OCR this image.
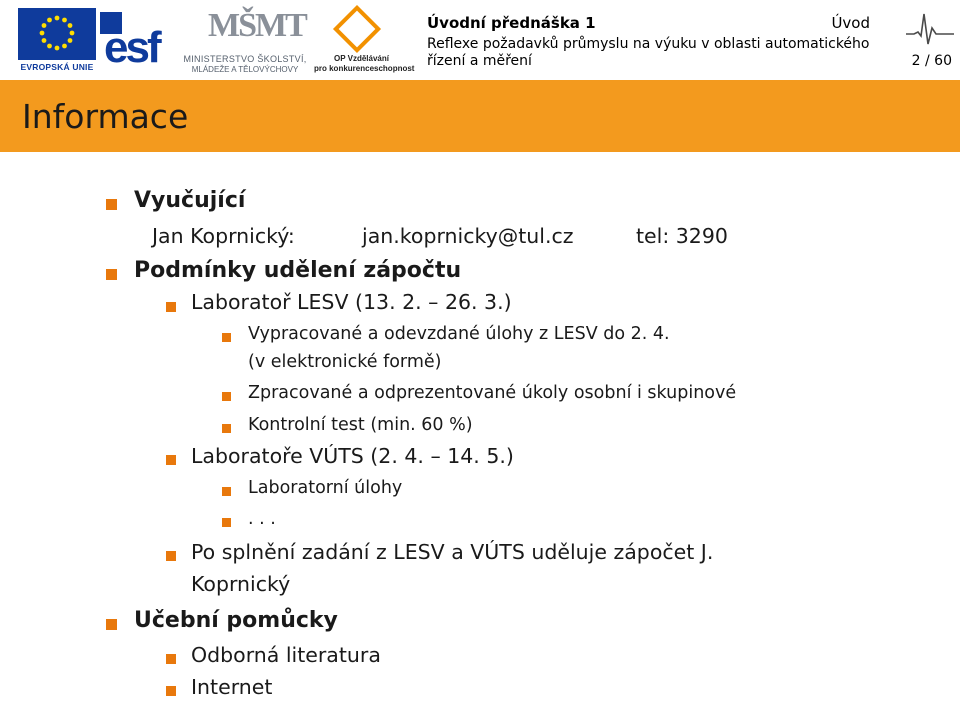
EVROPSKÁ UNIE esf MŠMT
MINISTERSTVO ŠKOLSTVÍ,
MLÁDEŽE A TĚLOVÝCHOVY
OP Vzdělávání
pro konkurenceschopnost
Úvodní přednáška 1	Úvod
Reflexe požadavků průmyslu na výuku v oblasti automatického
řízení a měření	2 / 60
Informace
Vyučující
Jan Koprnický:	jan.koprnicky@tul.cz	tel: 3290
Podmínky udělení zápočtu
Laboratoř LESV (13. 2. – 26. 3.)
Vypracované a odevzdané úlohy z LESV do 2. 4.
(v elektronické formě)
Zpracované a odprezentované úkoly osobní i skupinové
Kontrolní test (min. 60 %)
Laboratoře VÚTS (2. 4. – 14. 5.)
Laboratorní úlohy
. . .
Po splnění zadání z LESV a VÚTS uděluje zápočet J.
Koprnický
Učební pomůcky
Odborná literatura
Internet
